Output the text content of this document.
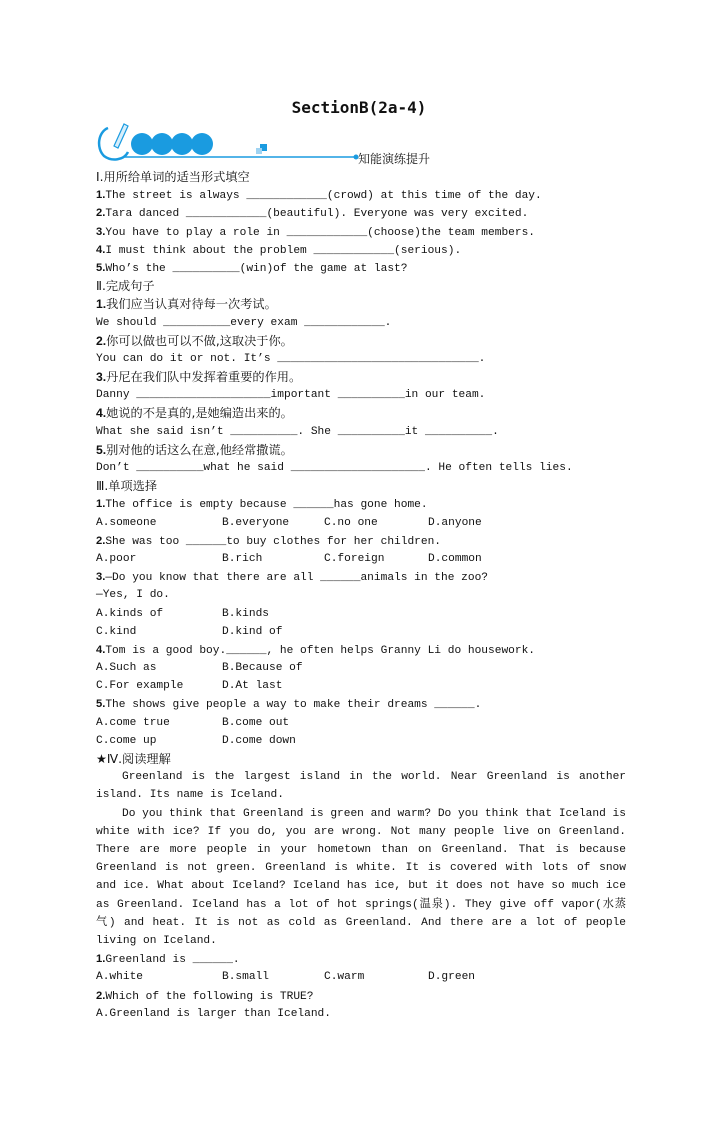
SectionB(2a-4)
知能演练提升
Ⅰ.用所给单词的适当形式填空
1.The street is always ____________(crowd) at this time of the day.
2.Tara danced ____________(beautiful). Everyone was very excited.
3.You have to play a role in ____________(choose)the team members.
4.I must think about the problem ____________(serious).
5.Who’s the __________(win)of the game at last?
Ⅱ.完成句子
1.我们应当认真对待每一次考试。
We should __________every exam ____________.
2.你可以做也可以不做,这取决于你。
You can do it or not. It’s ______________________________.
3.丹尼在我们队中发挥着重要的作用。
Danny ____________________important __________in our team.
4.她说的不是真的,是她编造出来的。
What she said isn’t __________. She __________it __________.
5.别对他的话这么在意,他经常撒谎。
Don’t __________what he said ____________________. He often tells lies.
Ⅲ.单项选择
1.The office is empty because ______has gone home.
A.someone	B.everyone	C.no one	D.anyone
2.She was too ______to buy clothes for her children.
A.poor	B.rich	C.foreign	D.common
3.—Do you know that there are all ______animals in the zoo?
—Yes, I do.
A.kinds of	B.kinds
C.kind	D.kind of
4.Tom is a good boy.______, he often helps Granny Li do housework.
A.Such as	B.Because of
C.For example	D.At last
5.The shows give people a way to make their dreams ______.
A.come true	B.come out
C.come up	D.come down
★Ⅳ.阅读理解
Greenland is the largest island in the world. Near Greenland is another island. Its name is Iceland.
Do you think that Greenland is green and warm? Do you think that Iceland is white with ice? If you do, you are wrong. Not many people live on Greenland. There are more people in your hometown than on Greenland. That is because Greenland is not green. Greenland is white. It is covered with lots of snow and ice. What about Iceland? Iceland has ice, but it does not have so much ice as Greenland. Iceland has a lot of hot springs(温泉). They give off vapor(水蒸气) and heat. It is not as cold as Greenland. And there are a lot of people living on Iceland.
1.Greenland is ______.
A.white	B.small	C.warm	D.green
2.Which of the following is TRUE?
A.Greenland is larger than Iceland.
